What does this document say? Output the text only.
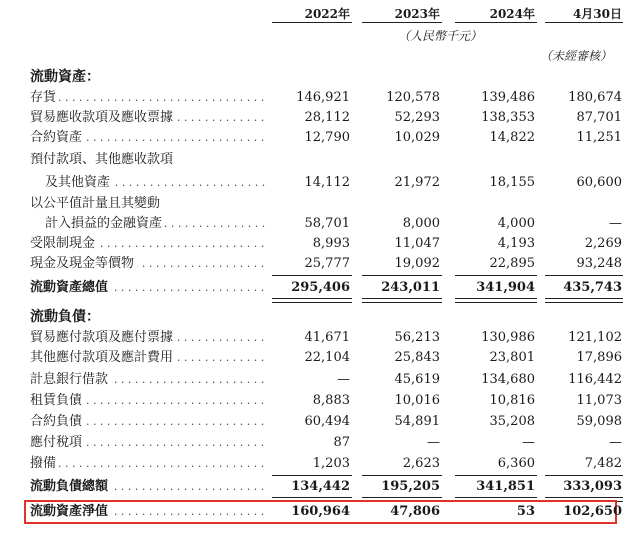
2022年	2023年	2024年	4月30日
（人民幣千元）
（未經審核）
流動資產：
存貨 . . .	146,921	120,578	139,486	180,674
貿易應收款項及應收票據 . . .	28,112	52,293	138,353	87,701
合約資產 . . .	12,790	10,029	14,822	11,251
預付款項、其他應收款項
及其他資產 . . .	14,112	21,972	18,155	60,600
以公平值計量且其變動
計入損益的金融資產 . . .	58,701	8,000	4,000	—
受限制現金 . . .	8,993	11,047	4,193	2,269
現金及現金等價物 . . .	25,777	19,092	22,895	93,248
流動資產總值 . . .	295,406	243,011	341,904	435,743
流動負債：
貿易應付款項及應付票據 . . .	41,671	56,213	130,986	121,102
其他應付款項及應計費用 . . .	22,104	25,843	23,801	17,896
計息銀行借款 . . .	—	45,619	134,680	116,442
租賃負債 . . .	8,883	10,016	10,816	11,073
合約負債 . . .	60,494	54,891	35,208	59,098
應付稅項 . . .	87	—	—	—
撥備 . . .	1,203	2,623	6,360	7,482
流動負債總額 . . .	134,442	195,205	341,851	333,093
流動資產淨值 . . .	160,964	47,806	53	102,650
